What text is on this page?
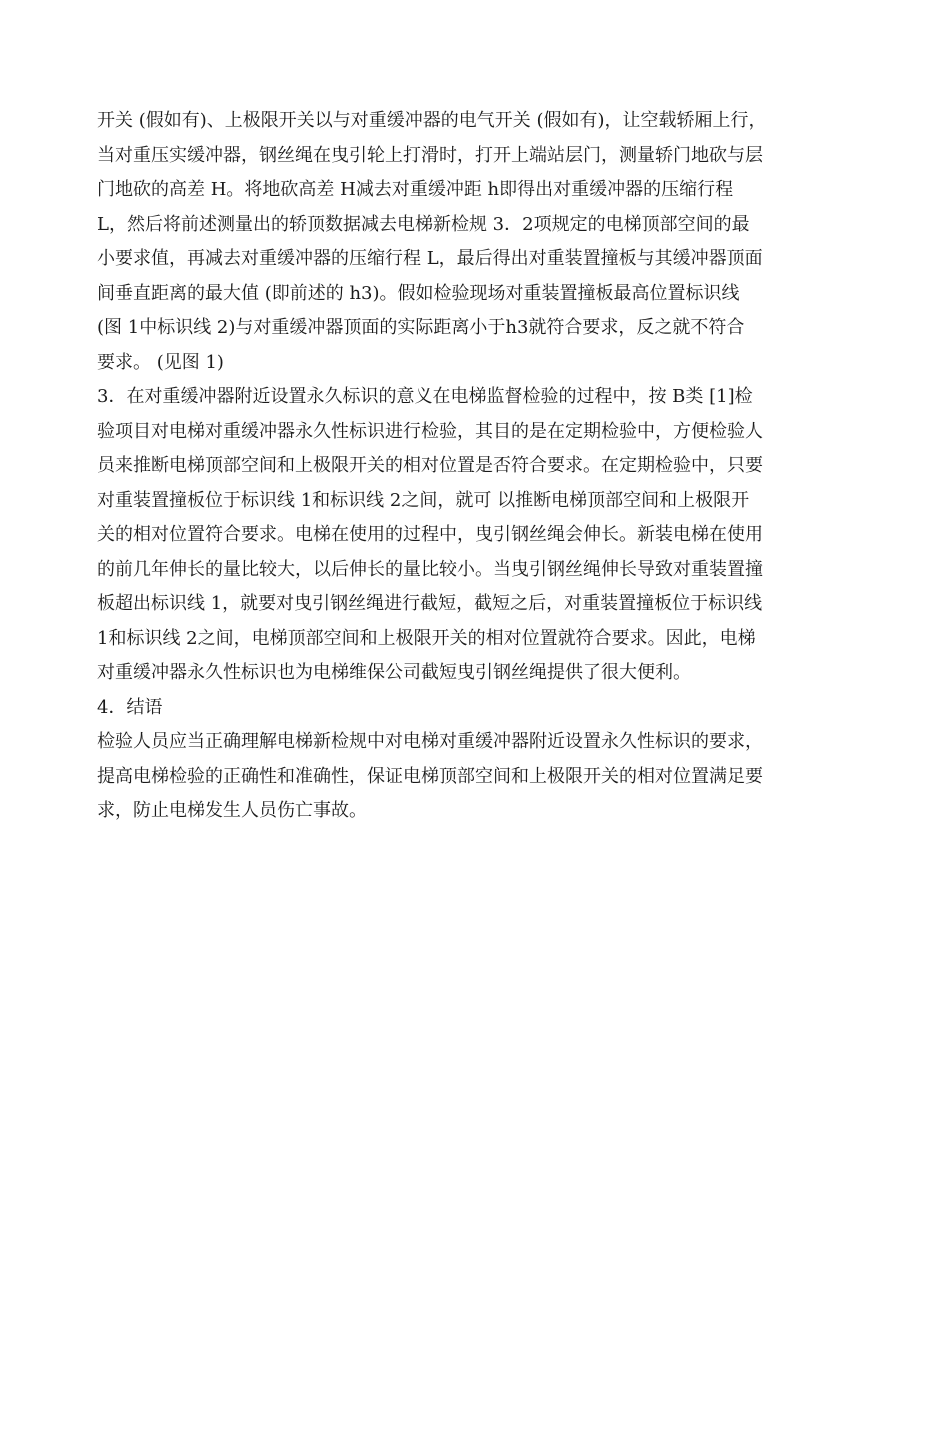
开关 (假如有)、上极限开关以与对重缓冲器的电气开关 (假如有)，让空载轿厢上行，
当对重压实缓冲器，钢丝绳在曳引轮上打滑时，打开上端站层门，测量轿门地砍与层
门地砍的高差 H。将地砍高差 H减去对重缓冲距 h即得出对重缓冲器的压缩行程
L，然后将前述测量出的轿顶数据减去电梯新检规 3．2项规定的电梯顶部空间的最
小要求值，再减去对重缓冲器的压缩行程 L，最后得出对重装置撞板与其缓冲器顶面
间垂直距离的最大值 (即前述的 h3)。假如检验现场对重装置撞板最高位置标识线
(图 1中标识线 2)与对重缓冲器顶面的实际距离小于h3就符合要求，反之就不符合
要求。 (见图 1)
3．在对重缓冲器附近设置永久标识的意义在电梯监督检验的过程中，按 B类 [1]检
验项目对电梯对重缓冲器永久性标识进行检验，其目的是在定期检验中，方便检验人
员来推断电梯顶部空间和上极限开关的相对位置是否符合要求。在定期检验中，只要
对重装置撞板位于标识线 1和标识线 2之间，就可 以推断电梯顶部空间和上极限开
关的相对位置符合要求。电梯在使用的过程中，曳引钢丝绳会伸长。新装电梯在使用
的前几年伸长的量比较大，以后伸长的量比较小。当曳引钢丝绳伸长导致对重装置撞
板超出标识线 1，就要对曳引钢丝绳进行截短，截短之后，对重装置撞板位于标识线
1和标识线 2之间，电梯顶部空间和上极限开关的相对位置就符合要求。因此，电梯
对重缓冲器永久性标识也为电梯维保公司截短曳引钢丝绳提供了很大便利。
4．结语
检验人员应当正确理解电梯新检规中对电梯对重缓冲器附近设置永久性标识的要求，
提高电梯检验的正确性和准确性，保证电梯顶部空间和上极限开关的相对位置满足要
求，防止电梯发生人员伤亡事故。
